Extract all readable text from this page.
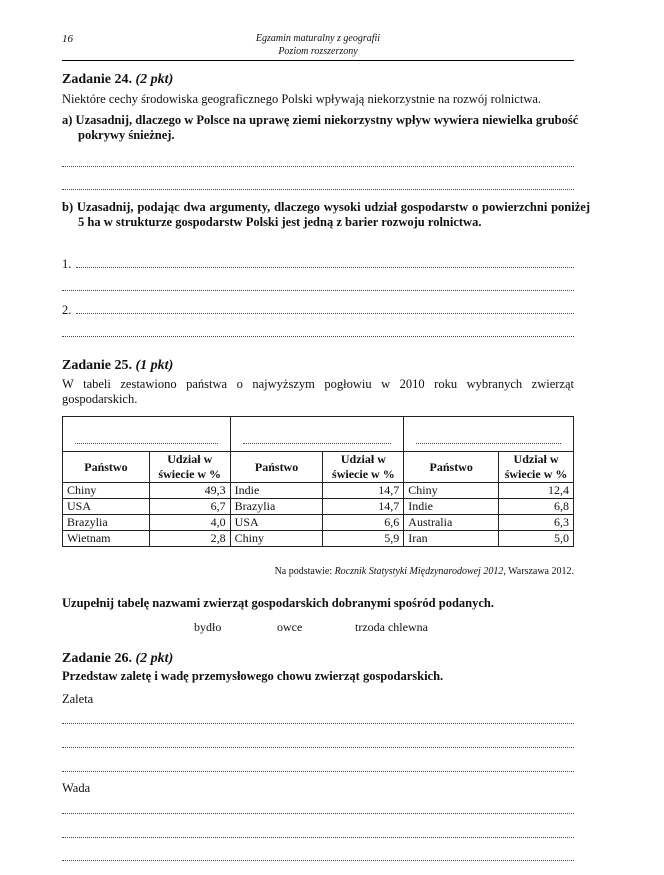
16	Egzamin maturalny z geografii
Poziom rozszerzony
Zadanie 24. (2 pkt)
Niektóre cechy środowiska geograficznego Polski wpływają niekorzystnie na rozwój rolnictwa.
a) Uzasadnij, dlaczego w Polsce na uprawę ziemi niekorzystny wpływ wywiera niewielka grubość pokrywy śnieżnej.
b) Uzasadnij, podając dwa argumenty, dlaczego wysoki udział gospodarstw o powierzchni poniżej 5 ha w strukturze gospodarstw Polski jest jedną z barier rozwoju rolnictwa.
1.
2.
Zadanie 25. (1 pkt)
W tabeli zestawiono państwa o najwyższym pogłowiu w 2010 roku wybranych zwierząt gospodarskich.

Państwo	Udział w świecie w %	Państwo	Udział w świecie w %	Państwo	Udział w świecie w %
Chiny	49,3	Indie	14,7	Chiny	12,4
USA	6,7	Brazylia	14,7	Indie	6,8
Brazylia	4,0	USA	6,6	Australia	6,3
Wietnam	2,8	Chiny	5,9	Iran	5,0
Na podstawie: Rocznik Statystyki Międzynarodowej 2012, Warszawa 2012.
Uzupełnij tabelę nazwami zwierząt gospodarskich dobranymi spośród podanych.
bydło	owce	trzoda chlewna
Zadanie 26. (2 pkt)
Przedstaw zaletę i wadę przemysłowego chowu zwierząt gospodarskich.
Zaleta
Wada
